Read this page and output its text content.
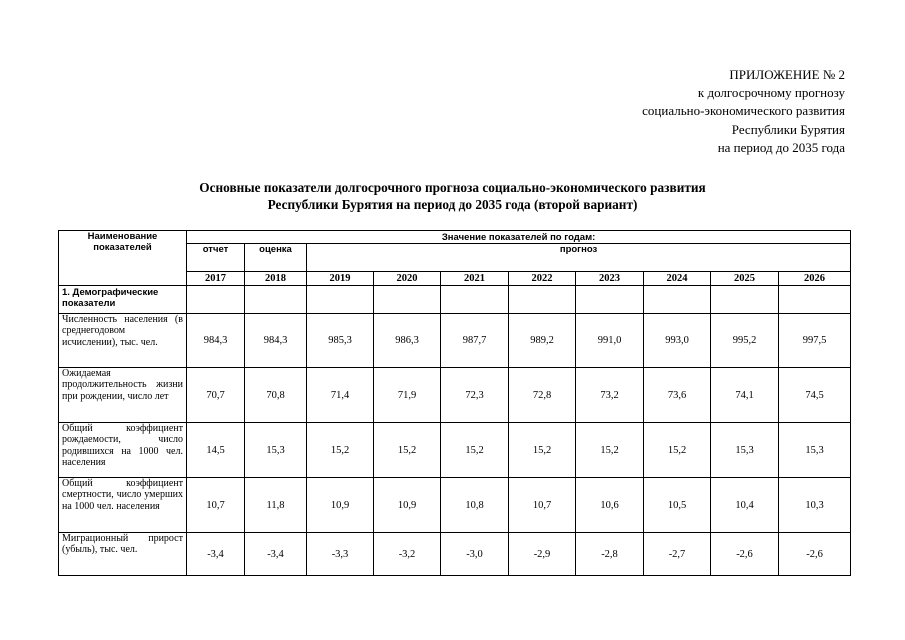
ПРИЛОЖЕНИЕ № 2
к долгосрочному прогнозу
социально-экономического развития
Республики Бурятия
на период до 2035 года
Основные показатели долгосрочного прогноза социально-экономического развития
Республики Бурятия на период до 2035 года (второй вариант)
Наименование показателей	Значение показателей по годам:									
	отчет	оценка	прогноз							
	2017	2018	2019	2020	2021	2022	2023	2024	2025	2026
1. Демографические показатели										
Численность населения (в среднегодовом исчислении), тыс. чел.	984,3	984,3	985,3	986,3	987,7	989,2	991,0	993,0	995,2	997,5
Ожидаемая продолжительность жизни при рождении, число лет	70,7	70,8	71,4	71,9	72,3	72,8	73,2	73,6	74,1	74,5
Общий коэффициент рождаемости, число родившихся на 1000 чел. населения	14,5	15,3	15,2	15,2	15,2	15,2	15,2	15,2	15,3	15,3
Общий коэффициент смертности, число умерших на 1000 чел. населения	10,7	11,8	10,9	10,9	10,8	10,7	10,6	10,5	10,4	10,3
Миграционный прирост (убыль), тыс. чел.	-3,4	-3,4	-3,3	-3,2	-3,0	-2,9	-2,8	-2,7	-2,6	-2,6
